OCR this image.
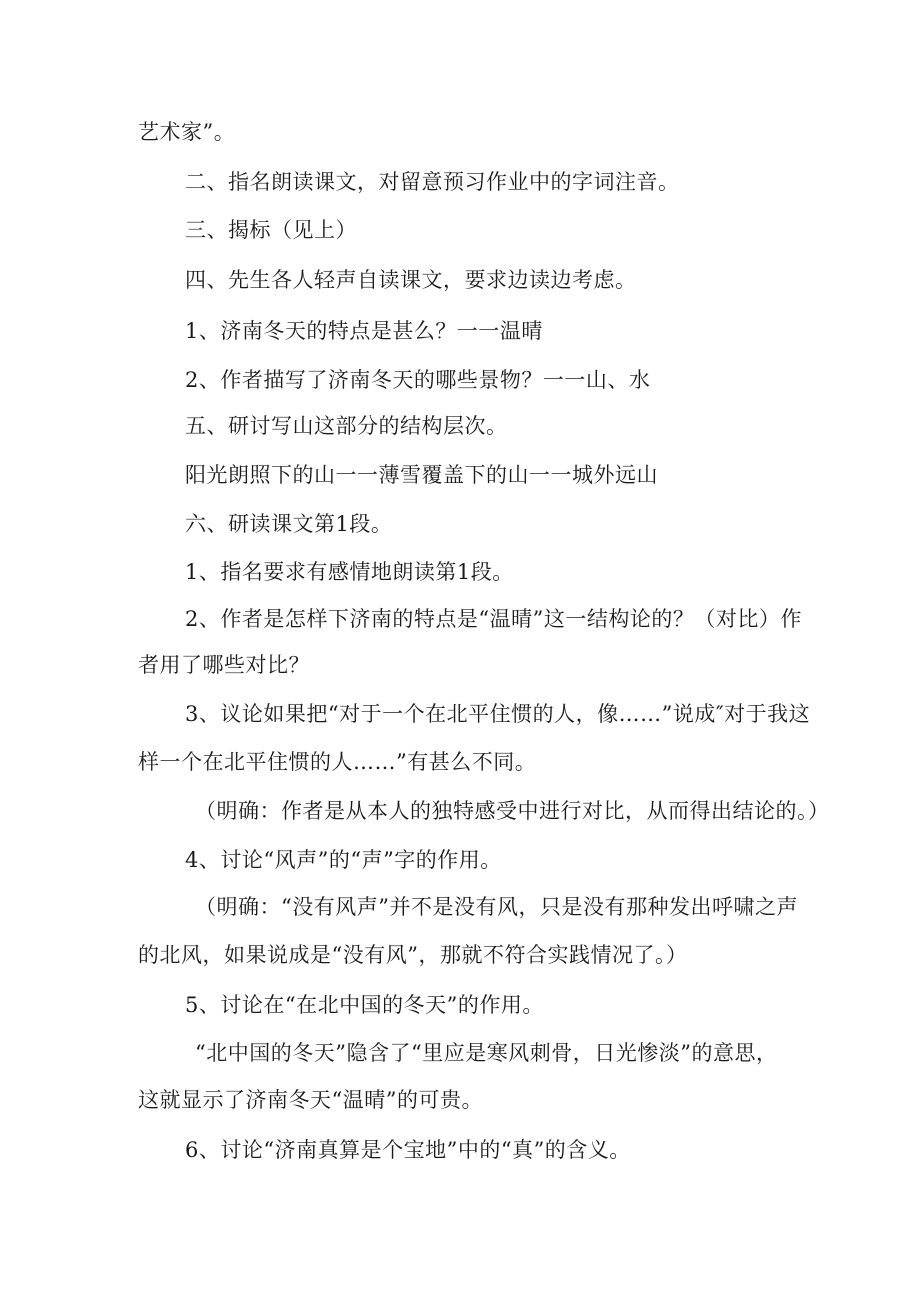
艺术家”。
二、指名朗读课文，对留意预习作业中的字词注音。
三、揭标（见上）
四、先生各人轻声自读课文，要求边读边考虑。
1、济南冬天的特点是甚么？一一温晴
2、作者描写了济南冬天的哪些景物？一一山、水
五、研讨写山这部分的结构层次。
阳光朗照下的山一一薄雪覆盖下的山一一城外远山
六、研读课文第1段。
1、指名要求有感情地朗读第1段。
2、作者是怎样下济南的特点是“温晴”这一结构论的？（对比）作
者用了哪些对比？
3、议论如果把“对于一个在北平住惯的人，像……”说成″对于我这
样一个在北平住惯的人……”有甚么不同。
（明确：作者是从本人的独特感受中进行对比，从而得出结论的。）
4、讨论“风声”的“声”字的作用。
（明确：“没有风声”并不是没有风，只是没有那种发出呼啸之声
的北风，如果说成是“没有风”，那就不符合实践情况了。）
5、讨论在“在北中国的冬天”的作用。
“北中国的冬天”隐含了“里应是寒风刺骨，日光惨淡”的意思，
这就显示了济南冬天“温晴”的可贵。
6、讨论“济南真算是个宝地”中的“真”的含义。
